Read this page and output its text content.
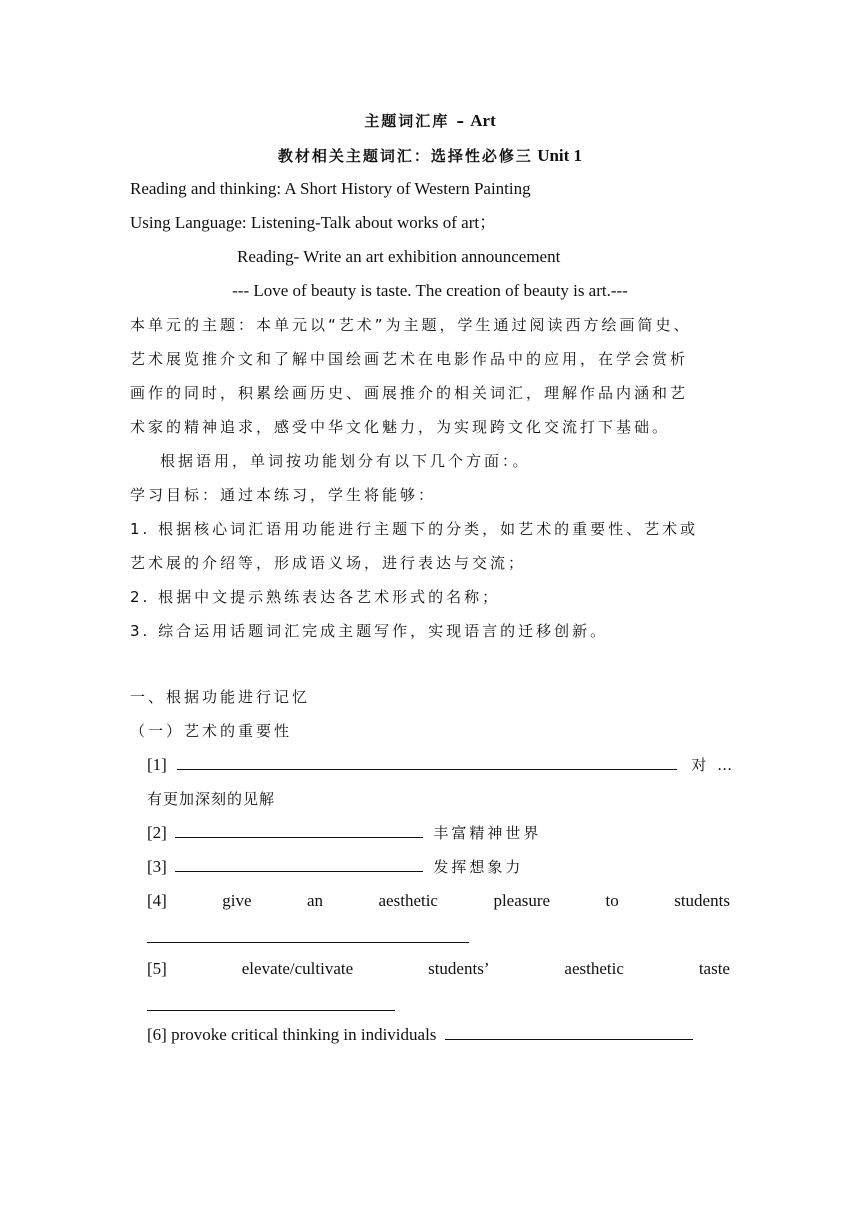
主题词汇库 – Art
教材相关主题词汇：选择性必修三 Unit 1
Reading and thinking: A Short History of Western Painting
Using Language: Listening-Talk about works of art；
Reading- Write an art exhibition announcement
--- Love of beauty is taste. The creation of beauty is art.---
本单元的主题：本单元以“艺术”为主题，学生通过阅读西方绘画简史、
艺术展览推介文和了解中国绘画艺术在电影作品中的应用，在学会赏析
画作的同时，积累绘画历史、画展推介的相关词汇，理解作品内涵和艺
术家的精神追求，感受中华文化魅力，为实现跨文化交流打下基础。
根据语用，单词按功能划分有以下几个方面：。
学习目标：通过本练习，学生将能够：
1. 根据核心词汇语用功能进行主题下的分类，如艺术的重要性、艺术或
艺术展的介绍等，形成语义场，进行表达与交流；
2. 根据中文提示熟练表达各艺术形式的名称；
3. 综合运用话题词汇完成主题写作，实现语言的迁移创新。
一、根据功能进行记忆
（一）艺术的重要性
[1]	对 …
有更加深刻的见解
[2]	丰富精神世界
[3]	发挥想象力
[4]	give	an	aesthetic	pleasure	to	students
[5]	elevate/cultivate	students’	aesthetic	taste
[6] provoke critical thinking in individuals
